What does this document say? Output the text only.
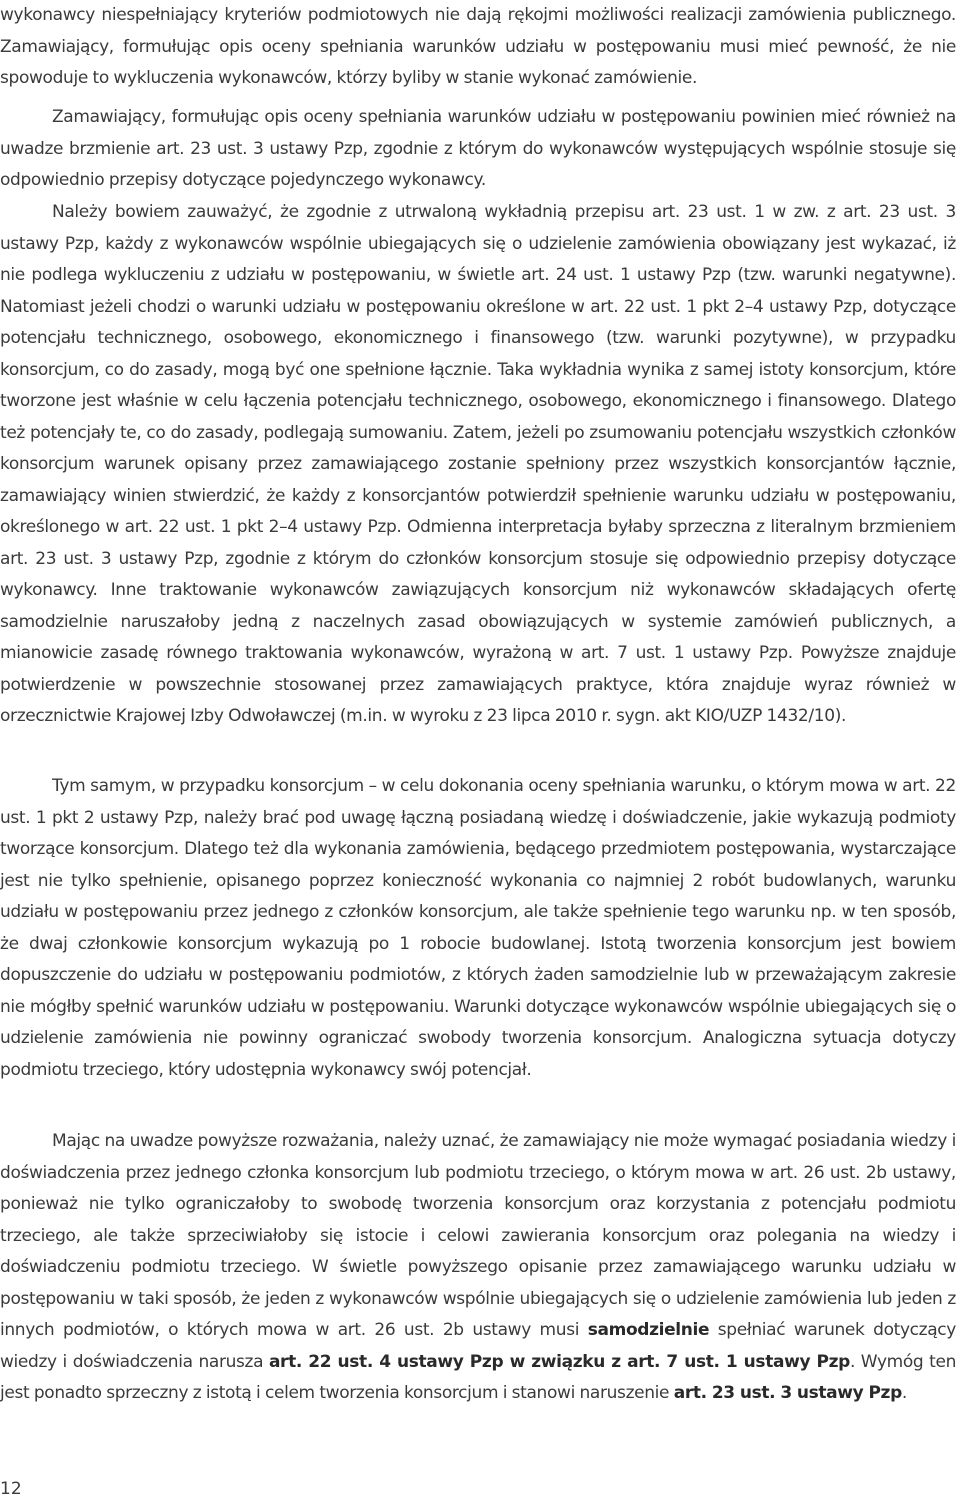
wykonawcy niespełniający kryteriów podmiotowych nie dają rękojmi możliwości realizacji zamówienia publicznego. Zamawiający, formułując opis oceny spełniania warunków udziału w postępowaniu musi mieć pewność, że nie spowoduje to wykluczenia wykonawców, którzy byliby w stanie wykonać zamówienie.

Zamawiający, formułując opis oceny spełniania warunków udziału w postępowaniu powinien mieć również na uwadze brzmienie art. 23 ust. 3 ustawy Pzp, zgodnie z którym do wykonawców występujących wspólnie stosuje się odpowiednio przepisy dotyczące pojedynczego wykonawcy.

Należy bowiem zauważyć, że zgodnie z utrwaloną wykładnią przepisu art. 23 ust. 1 w zw. z art. 23 ust. 3 ustawy Pzp, każdy z wykonawców wspólnie ubiegających się o udzielenie zamówienia obowiązany jest wykazać, iż nie podlega wykluczeniu z udziału w postępowaniu, w świetle art. 24 ust. 1 ustawy Pzp (tzw. warunki negatywne). Natomiast jeżeli chodzi o warunki udziału w postępowaniu określone w art. 22 ust. 1 pkt 2–4 ustawy Pzp, dotyczące potencjału technicznego, osobowego, ekonomicznego i finansowego (tzw. warunki pozytywne), w przypadku konsorcjum, co do zasady, mogą być one spełnione łącznie. Taka wykładnia wynika z samej istoty konsorcjum, które tworzone jest właśnie w celu łączenia potencjału technicznego, osobowego, ekonomicznego i finansowego. Dlatego też potencjały te, co do zasady, podlegają sumowaniu. Zatem, jeżeli po zsumowaniu potencjału wszystkich członków konsorcjum warunek opisany przez zamawiającego zostanie spełniony przez wszystkich konsorcjantów łącznie, zamawiający winien stwierdzić, że każdy z konsorcjantów potwierdził spełnienie warunku udziału w postępowaniu, określonego w art. 22 ust. 1 pkt 2–4 ustawy Pzp. Odmienna interpretacja byłaby sprzeczna z literalnym brzmieniem art. 23 ust. 3 ustawy Pzp, zgodnie z którym do członków konsorcjum stosuje się odpowiednio przepisy dotyczące wykonawcy. Inne traktowanie wykonawców zawiązujących konsorcjum niż wykonawców składających ofertę samodzielnie naruszałoby jedną z naczelnych zasad obowiązujących w systemie zamówień publicznych, a mianowicie zasadę równego traktowania wykonawców, wyrażoną w art. 7 ust. 1 ustawy Pzp. Powyższe znajduje potwierdzenie w powszechnie stosowanej przez zamawiających praktyce, która znajduje wyraz również w orzecznictwie Krajowej Izby Odwoławczej (m.in. w wyroku z 23 lipca 2010 r. sygn. akt KIO/UZP 1432/10).

Tym samym, w przypadku konsorcjum – w celu dokonania oceny spełniania warunku, o którym mowa w art. 22 ust. 1 pkt 2 ustawy Pzp, należy brać pod uwagę łączną posiadaną wiedzę i doświadczenie, jakie wykazują podmioty tworzące konsorcjum. Dlatego też dla wykonania zamówienia, będącego przedmiotem postępowania, wystarczające jest nie tylko spełnienie, opisanego poprzez konieczność wykonania co najmniej 2 robót budowlanych, warunku udziału w postępowaniu przez jednego z członków konsorcjum, ale także spełnienie tego warunku np. w ten sposób, że dwaj członkowie konsorcjum wykazują po 1 robocie budowlanej. Istotą tworzenia konsorcjum jest bowiem dopuszczenie do udziału w postępowaniu podmiotów, z których żaden samodzielnie lub w przeważającym zakresie nie mógłby spełnić warunków udziału w postępowaniu. Warunki dotyczące wykonawców wspólnie ubiegających się o udzielenie zamówienia nie powinny ograniczać swobody tworzenia konsorcjum. Analogiczna sytuacja dotyczy podmiotu trzeciego, który udostępnia wykonawcy swój potencjał.

Mając na uwadze powyższe rozważania, należy uznać, że zamawiający nie może wymagać posiadania wiedzy i doświadczenia przez jednego członka konsorcjum lub podmiotu trzeciego, o którym mowa w art. 26 ust. 2b ustawy, ponieważ nie tylko ograniczałoby to swobodę tworzenia konsorcjum oraz korzystania z potencjału podmiotu trzeciego, ale także sprzeciwiałoby się istocie i celowi zawierania konsorcjum oraz polegania na wiedzy i doświadczeniu podmiotu trzeciego. W świetle powyższego opisanie przez zamawiającego warunku udziału w postępowaniu w taki sposób, że jeden z wykonawców wspólnie ubiegających się o udzielenie zamówienia lub jeden z innych podmiotów, o których mowa w art. 26 ust. 2b ustawy musi samodzielnie spełniać warunek dotyczący wiedzy i doświadczenia narusza art. 22 ust. 4 ustawy Pzp w związku z art. 7 ust. 1 ustawy Pzp. Wymóg ten jest ponadto sprzeczny z istotą i celem tworzenia konsorcjum i stanowi naruszenie art. 23 ust. 3 ustawy Pzp.

12
